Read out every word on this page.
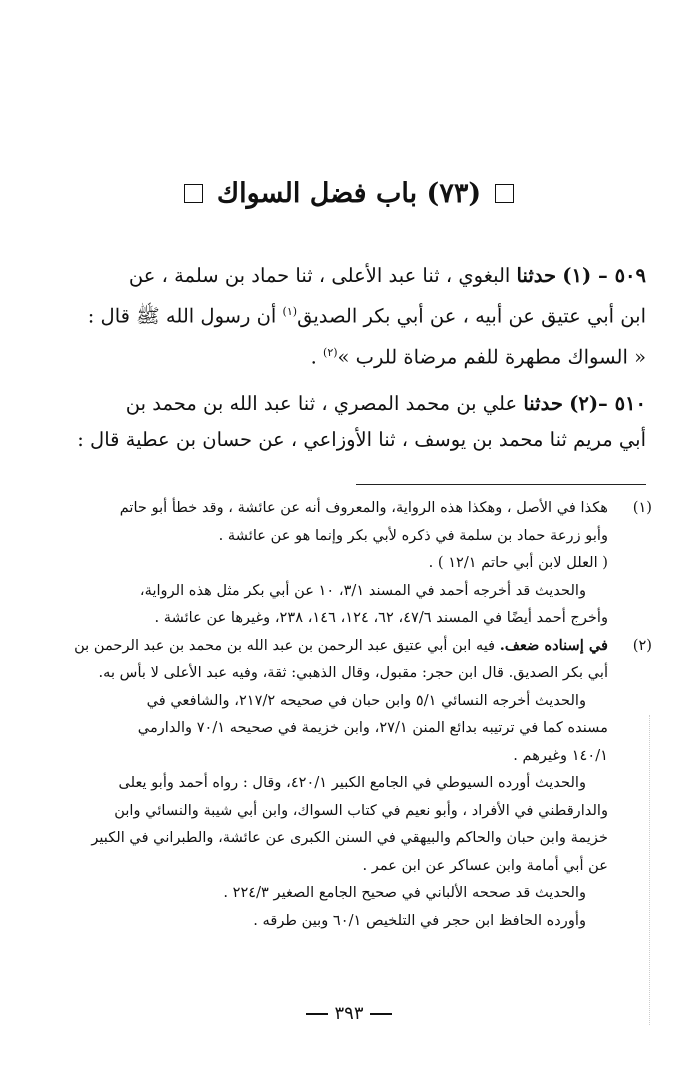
(٧٣) باب فضل السواك
٥٠٩ – (١) حدثنا البغوي ، ثنا عبد الأعلى ، ثنا حماد بن سلمة ، عن
ابن أبي عتيق عن أبيه ، عن أبي بكر الصديق$^{(١)}$ أن رسول الله ﷺ قال :
« السواك مطهرة للفم مرضاة للرب »$^{(٢)}$ .
٥١٠ –(٢) حدثنا علي بن محمد المصري ، ثنا عبد الله بن محمد بن
أبي مريم ثنا محمد بن يوسف ، ثنا الأوزاعي ، عن حسان بن عطية قال :
(١)

هكذا في الأصل ، وهكذا هذه الرواية، والمعروف أنه عن عائشة ، وقد خطأ أبو حاتم

وأبو زرعة حماد بن سلمة في ذكره لأبي بكر وإنما هو عن عائشة .

( العلل لابن أبي حاتم ١٢/١ ) .

والحديث قد أخرجه أحمد في المسند ٣/١، ١٠ عن أبي بكر مثل هذه الرواية،

وأخرج أحمد أيضًا في المسند ٤٧/٦، ٦٢، ١٢٤، ١٤٦، ٢٣٨، وغيرها عن عائشة .

(٢)

في إسناده ضعف. فيه ابن أبي عتيق عبد الرحمن بن عبد الله بن محمد بن عبد الرحمن بن

أبي بكر الصديق. قال ابن حجر: مقبول، وقال الذهبي: ثقة، وفيه عبد الأعلى لا بأس به.

والحديث أخرجه النسائي ٥/١ وابن حبان في صحيحه ٢١٧/٢، والشافعي في

مسنده كما في ترتيبه بدائع المنن ٢٧/١، وابن خزيمة في صحيحه ٧٠/١ والدارمي

١٤٠/١ وغيرهم .

والحديث أورده السيوطي في الجامع الكبير ٤٢٠/١، وقال : رواه أحمد وأبو يعلى

والدارقطني في الأفراد ، وأبو نعيم في كتاب السواك، وابن أبي شيبة والنسائي وابن

خزيمة وابن حبان والحاكم والبيهقي في السنن الكبرى عن عائشة، والطبراني في الكبير

عن أبي أمامة وابن عساكر عن ابن عمر .

والحديث قد صححه الألباني في صحيح الجامع الصغير ٢٢٤/٣ .

وأورده الحافظ ابن حجر في التلخيص ٦٠/١ وبين طرقه .

٣٩٣
